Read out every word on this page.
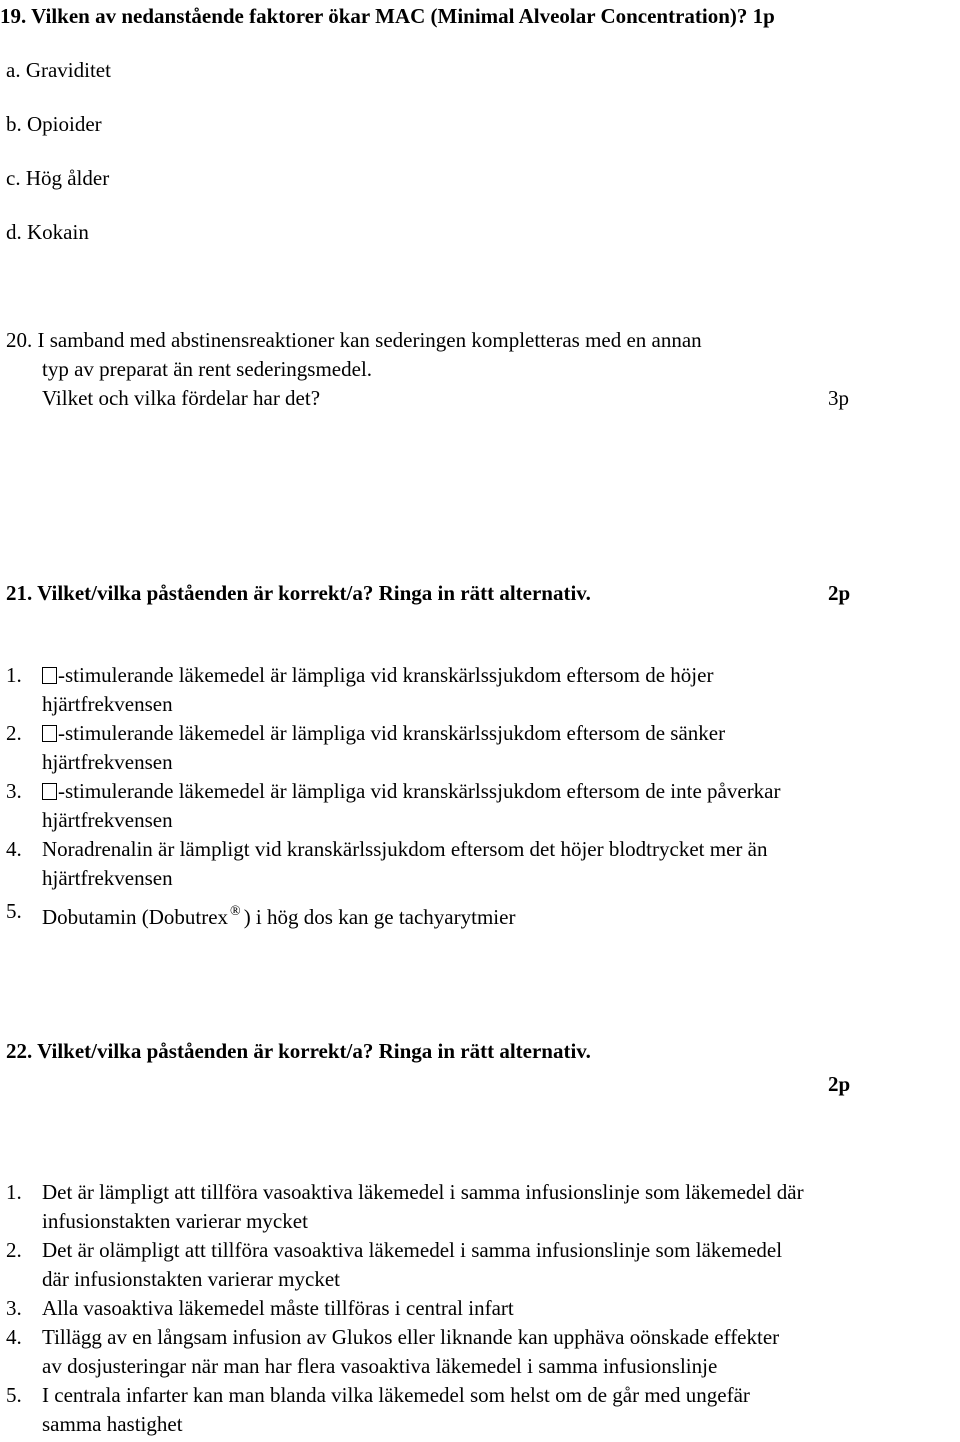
19. Vilken av nedanstående faktorer ökar MAC (Minimal Alveolar Concentration)? 1p
a. Graviditet
b. Opioider
c. Hög ålder
d. Kokain
20. I samband med abstinensreaktioner kan sederingen kompletteras med en annan
typ av preparat än rent sederingsmedel.
Vilket och vilka fördelar har det?	3p
21. Vilket/vilka påståenden är korrekt/a? Ringa in rätt alternativ.	2p
1.	-stimulerande läkemedel är lämpliga vid kranskärlssjukdom eftersom de höjer
hjärtfrekvensen
2.	-stimulerande läkemedel är lämpliga vid kranskärlssjukdom eftersom de sänker
hjärtfrekvensen
3.	-stimulerande läkemedel är lämpliga vid kranskärlssjukdom eftersom de inte påverkar
hjärtfrekvensen
4. Noradrenalin är lämpligt vid kranskärlssjukdom eftersom det höjer blodtrycket mer än
hjärtfrekvensen
5. Dobutamin (Dobutrex ® ) i hög dos kan ge tachyarytmier
22. Vilket/vilka påståenden är korrekt/a? Ringa in rätt alternativ.
2p
1. Det är lämpligt att tillföra vasoaktiva läkemedel i samma infusionslinje som läkemedel där
infusionstakten varierar mycket
2. Det är olämpligt att tillföra vasoaktiva läkemedel i samma infusionslinje som läkemedel
där infusionstakten varierar mycket
3. Alla vasoaktiva läkemedel måste tillföras i central infart
4. Tillägg av en långsam infusion av Glukos eller liknande kan upphäva oönskade effekter
av dosjusteringar när man har flera vasoaktiva läkemedel i samma infusionslinje
5. I centrala infarter kan man blanda vilka läkemedel som helst om de går med ungefär
samma hastighet
